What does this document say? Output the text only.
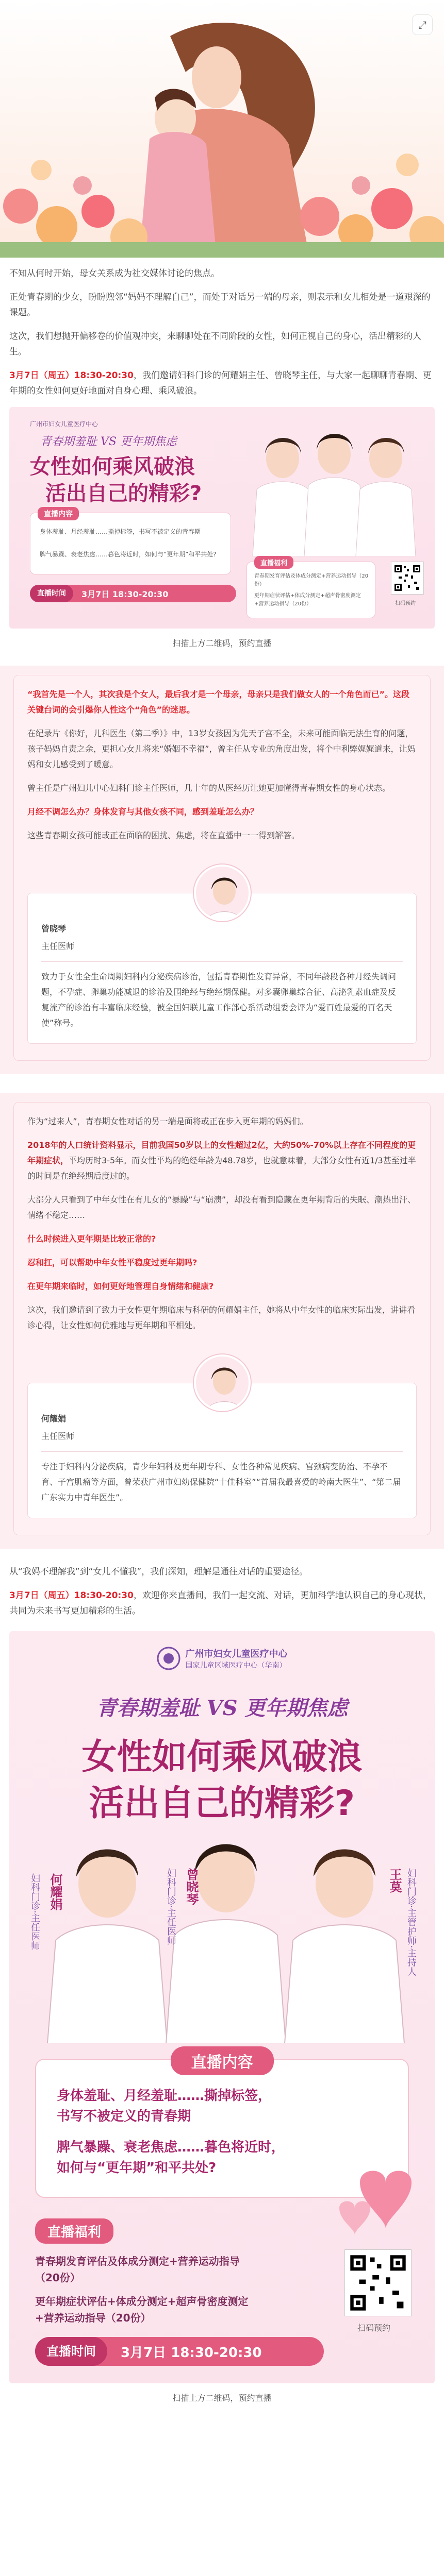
⤢

不知从何时开始，母女关系成为社交媒体讨论的焦点。

正处青春期的少女，盼盼煦邻“妈妈不理解自己”，而处于对话另一端的母亲，则表示和女儿相处是一道艰深的课题。

这次，我们想抛开偏移卷的价值观冲突，来聊聊处在不同阶段的女性，如何正视自己的身心，活出精彩的人生。

3月7日（周五）18:30-20:30，我们邀请妇科门诊的何耀娟主任、曾晓琴主任，与大家一起聊聊青春期、更年期的女性如何更好地面对自身心理、乘风破浪。

广州市妇女儿童医疗中心
青春期羞耻 VS 更年期焦虑
女性如何乘风破浪
活出自己的精彩?
直播内容
身体羞耻、月经羞耻……撕掉标签，书写不被定义的青春期
脾气暴躁、衰老焦虑……暮色将近时，如何与“更年期”和平共处?
直播福利
青春期发育评估及体成分测定+营养运动指导（20份）
更年期症状评估+体成分测定+超声骨密度测定+营养运动指导（20份）
直播时间	3月7日 18:30-20:30
扫码预约

扫描上方二维码，预约直播

“我首先是一个人，其次我是个女人，最后我才是一个母亲，母亲只是我们做女人的一个角色而已”。这段关键台词的会引爆你人性这个“角色”的迷思。

在纪录片《你好，儿科医生（第二季）》中，13岁女孩因为先天子宫不全，未来可能面临无法生育的问题，孩子妈妈自责之余，更担心女儿将来“婚姻不幸福”，曾主任从专业的角度出发，将个中利弊娓娓道来，让妈妈和女儿感受到了暖意。

曾主任是广州妇儿中心妇科门诊主任医师，几十年的从医经历让她更加懂得青春期女性的身心状态。

月经不调怎么办？身体发育与其他女孩不同，感到羞耻怎么办？

这些青春期女孩可能或正在面临的困扰、焦虑，将在直播中一一得到解答。

曾晓琴

主任医师

致力于女性全生命周期妇科内分泌疾病诊治，包括青春期性发育异常，不同年龄段各种月经失调问题，不孕症、卵巢功能减退的诊治及围绝经与绝经期保健。对多囊卵巢综合征、高泌乳素血症及反复流产的诊治有丰富临床经验，被全国妇联儿童工作部心系活动组委会评为“爱百姓最爱的百名天使”称号。

作为“过来人”，青春期女性对话的另一端是面将或正在步入更年期的妈妈们。

2018年的人口统计资料显示，目前我国50岁以上的女性超过2亿，大约50%-70%以上存在不同程度的更年期症状，平均历时3-5年。而女性平均的绝经年龄为48.78岁，也就意味着，大部分女性有近1/3甚至过半的时间是在绝经期后度过的。

大部分人只看到了中年女性在有儿女的“暴躁”与“崩溃”，却没有看到隐藏在更年期背后的失眠、潮热出汗、情绪不稳定……

什么时候进入更年期是比较正常的?

忍和扛，可以帮助中年女性平稳度过更年期吗?

在更年期来临时，如何更好地管理自身情绪和健康?

这次，我们邀请到了致力于女性更年期临床与科研的何耀娟主任，她将从中年女性的临床实际出发，讲讲看诊心得，让女性如何优雅地与更年期和平相处。

何耀娟

主任医师

专注于妇科内分泌疾病，青少年妇科及更年期专科、女性各种常见疾病、宫颈病变防治、不孕不育、子宫肌瘤等方面，曾荣获广州市妇幼保健院“十佳科室”“首届我最喜爱的岭南大医生”、“第二届广东实力中青年医生”。

从“我妈不理解我”到“女儿不懂我”，我们深知，理解是通往对话的重要途径。

3月7日（周五）18:30-20:30，欢迎你来直播间，我们一起交流、对话，更加科学地认识自己的身心现状，共同为未来书写更加精彩的生活。

广州市妇女儿童医疗中心
国家儿童区域医疗中心（华南）
青春期羞耻 VS 更年期焦虑
女性如何乘风破浪
活出自己的精彩?
妇科门诊·主任医师 何耀娟	妇科门诊·主任医师 曾晓琴	王莫 妇科门诊·主管护师·主持人
直播内容
身体羞耻、月经羞耻……撕掉标签，
书写不被定义的青春期
脾气暴躁、衰老焦虑……暮色将近时，
如何与“更年期”和平共处?
直播福利
青春期发育评估及体成分测定+营养运动指导
（20份）
更年期症状评估+体成分测定+超声骨密度测定
+营养运动指导（20份）
扫码预约
直播时间	3月7日 18:30-20:30

扫描上方二维码，预约直播
